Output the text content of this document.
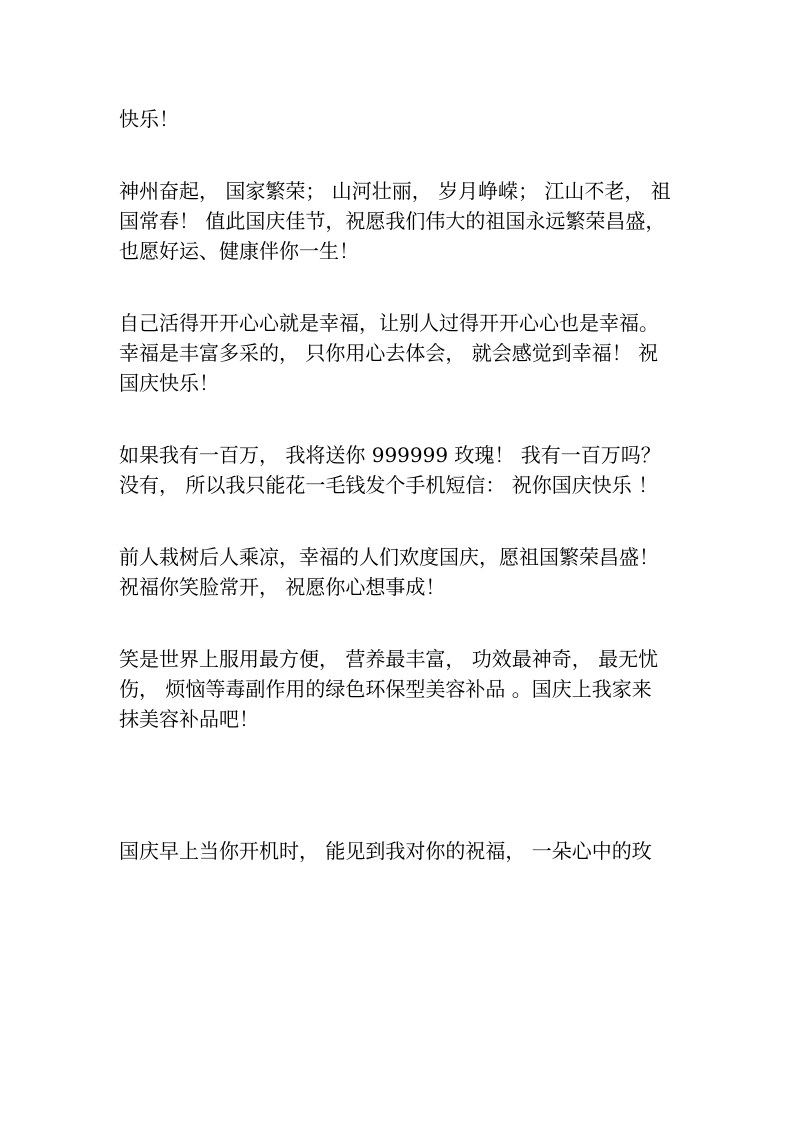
快乐！
神州奋起， 国家繁荣； 山河壮丽， 岁月峥嵘； 江山不老， 祖
国常春！ 值此国庆佳节，祝愿我们伟大的祖国永远繁荣昌盛，
也愿好运、健康伴你一生！
自己活得开开心心就是幸福，让别人过得开开心心也是幸福。
幸福是丰富多采的， 只你用心去体会， 就会感觉到幸福！ 祝
国庆快乐！
如果我有一百万， 我将送你 999999 玫瑰！ 我有一百万吗？
没有， 所以我只能花一毛钱发个手机短信： 祝你国庆快乐 ！
前人栽树后人乘凉，幸福的人们欢度国庆，愿祖国繁荣昌盛！
祝福你笑脸常开， 祝愿你心想事成！
笑是世界上服用最方便， 营养最丰富， 功效最神奇， 最无忧
伤， 烦恼等毒副作用的绿色环保型美容补品 。国庆上我家来
抹美容补品吧！
国庆早上当你开机时， 能见到我对你的祝福， 一朵心中的玫
